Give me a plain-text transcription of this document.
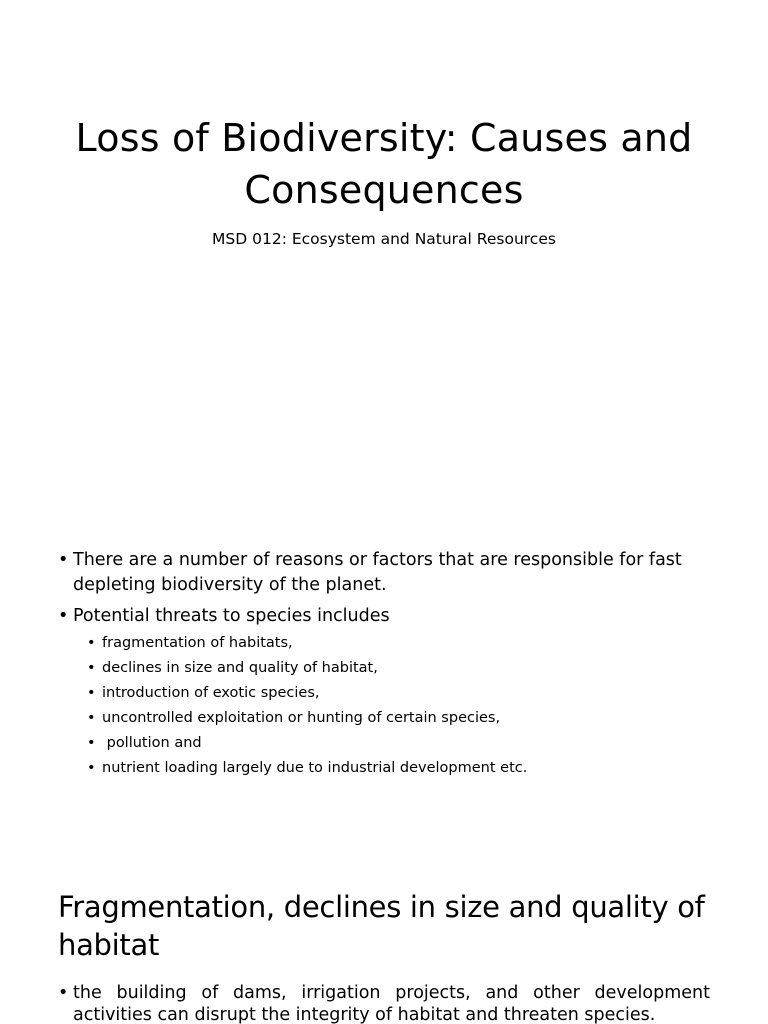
Loss of Biodiversity: Causes and Consequences

MSD 012: Ecosystem and Natural Resources

• There are a number of reasons or factors that are responsible for fast depleting biodiversity of the planet.
• Potential threats to species includes
• fragmentation of habitats,
• declines in size and quality of habitat,
• introduction of exotic species,
• uncontrolled exploitation or hunting of certain species,
• pollution and
• nutrient loading largely due to industrial development etc.
Fragmentation, declines in size and quality of habitat
• the building of dams, irrigation projects, and other development activities can disrupt the integrity of habitat and threaten species.
